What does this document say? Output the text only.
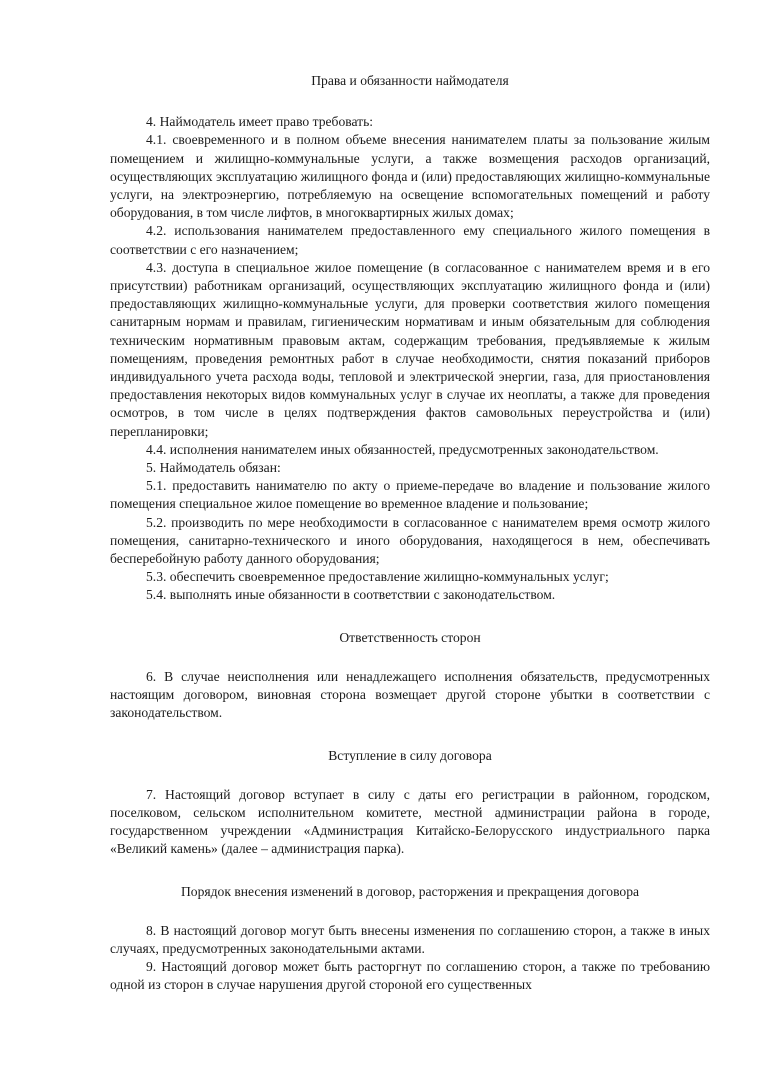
Права и обязанности наймодателя

4. Наймодатель имеет право требовать:

4.1. своевременного и в полном объеме внесения нанимателем платы за пользование жилым помещением и жилищно-коммунальные услуги, а также возмещения расходов организаций, осуществляющих эксплуатацию жилищного фонда и (или) предоставляющих жилищно-коммунальные услуги, на электроэнергию, потребляемую на освещение вспомогательных помещений и работу оборудования, в том числе лифтов, в многоквартирных жилых домах;

4.2. использования нанимателем предоставленного ему специального жилого помещения в соответствии с его назначением;

4.3. доступа в специальное жилое помещение (в согласованное с нанимателем время и в его присутствии) работникам организаций, осуществляющих эксплуатацию жилищного фонда и (или) предоставляющих жилищно-коммунальные услуги, для проверки соответствия жилого помещения санитарным нормам и правилам, гигиеническим нормативам и иным обязательным для соблюдения техническим нормативным правовым актам, содержащим требования, предъявляемые к жилым помещениям, проведения ремонтных работ в случае необходимости, снятия показаний приборов индивидуального учета расхода воды, тепловой и электрической энергии, газа, для приостановления предоставления некоторых видов коммунальных услуг в случае их неоплаты, а также для проведения осмотров, в том числе в целях подтверждения фактов самовольных переустройства и (или) перепланировки;

4.4. исполнения нанимателем иных обязанностей, предусмотренных законодательством.

5. Наймодатель обязан:

5.1. предоставить нанимателю по акту о приеме-передаче во владение и пользование жилого помещения специальное жилое помещение во временное владение и пользование;

5.2. производить по мере необходимости в согласованное с нанимателем время осмотр жилого помещения, санитарно-технического и иного оборудования, находящегося в нем, обеспечивать бесперебойную работу данного оборудования;

5.3. обеспечить своевременное предоставление жилищно-коммунальных услуг;

5.4. выполнять иные обязанности в соответствии с законодательством.

Ответственность сторон

6. В случае неисполнения или ненадлежащего исполнения обязательств, предусмотренных настоящим договором, виновная сторона возмещает другой стороне убытки в соответствии с законодательством.

Вступление в силу договора

7. Настоящий договор вступает в силу с даты его регистрации в районном, городском, поселковом, сельском исполнительном комитете, местной администрации района в городе, государственном учреждении «Администрация Китайско-Белорусского индустриального парка «Великий камень» (далее – администрация парка).

Порядок внесения изменений в договор, расторжения и прекращения договора

8. В настоящий договор могут быть внесены изменения по соглашению сторон, а также в иных случаях, предусмотренных законодательными актами.

9. Настоящий договор может быть расторгнут по соглашению сторон, а также по требованию одной из сторон в случае нарушения другой стороной его существенных
